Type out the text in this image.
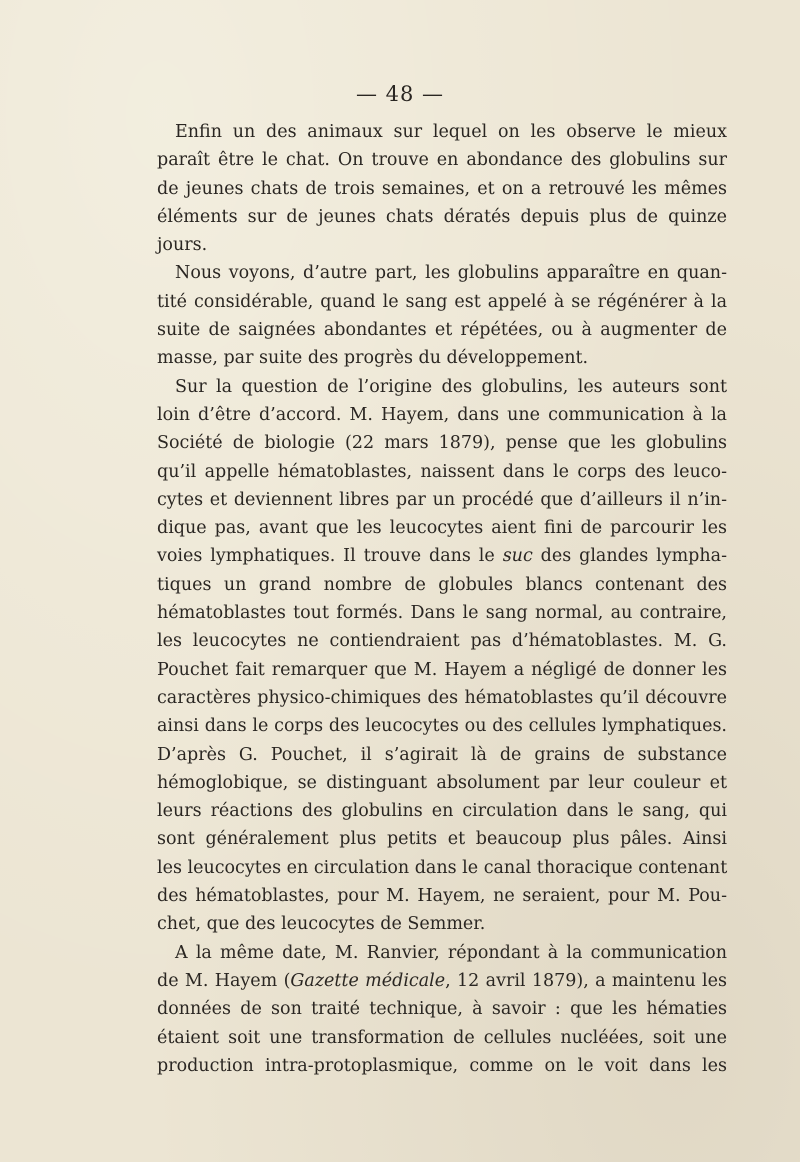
— 48 —
Enfin un des animaux sur lequel on les observe le mieux
paraît être le chat. On trouve en abondance des globulins sur
de jeunes chats de trois semaines, et on a retrouvé les mêmes
éléments sur de jeunes chats dératés depuis plus de quinze
jours.
Nous voyons, d’autre part, les globulins apparaître en quan-
tité considérable, quand le sang est appelé à se régénérer à la
suite de saignées abondantes et répétées, ou à augmenter de
masse, par suite des progrès du développement.
Sur la question de l’origine des globulins, les auteurs sont
loin d’être d’accord. M. Hayem, dans une communication à la
Société de biologie (22 mars 1879), pense que les globulins
qu’il appelle hématoblastes, naissent dans le corps des leuco-
cytes et deviennent libres par un procédé que d’ailleurs il n’in-
dique pas, avant que les leucocytes aient fini de parcourir les
voies lymphatiques. Il trouve dans le suc des glandes lympha-
tiques un grand nombre de globules blancs contenant des
hématoblastes tout formés. Dans le sang normal, au contraire,
les leucocytes ne contiendraient pas d’hématoblastes. M. G.
Pouchet fait remarquer que M. Hayem a négligé de donner les
caractères physico-chimiques des hématoblastes qu’il découvre
ainsi dans le corps des leucocytes ou des cellules lymphatiques.
D’après G. Pouchet, il s’agirait là de grains de substance
hémoglobique, se distinguant absolument par leur couleur et
leurs réactions des globulins en circulation dans le sang, qui
sont généralement plus petits et beaucoup plus pâles. Ainsi
les leucocytes en circulation dans le canal thoracique contenant
des hématoblastes, pour M. Hayem, ne seraient, pour M. Pou-
chet, que des leucocytes de Semmer.
A la même date, M. Ranvier, répondant à la communication
de M. Hayem (Gazette médicale, 12 avril 1879), a maintenu les
données de son traité technique, à savoir : que les hématies
étaient soit une transformation de cellules nucléées, soit une
production intra-protoplasmique, comme on le voit dans les
